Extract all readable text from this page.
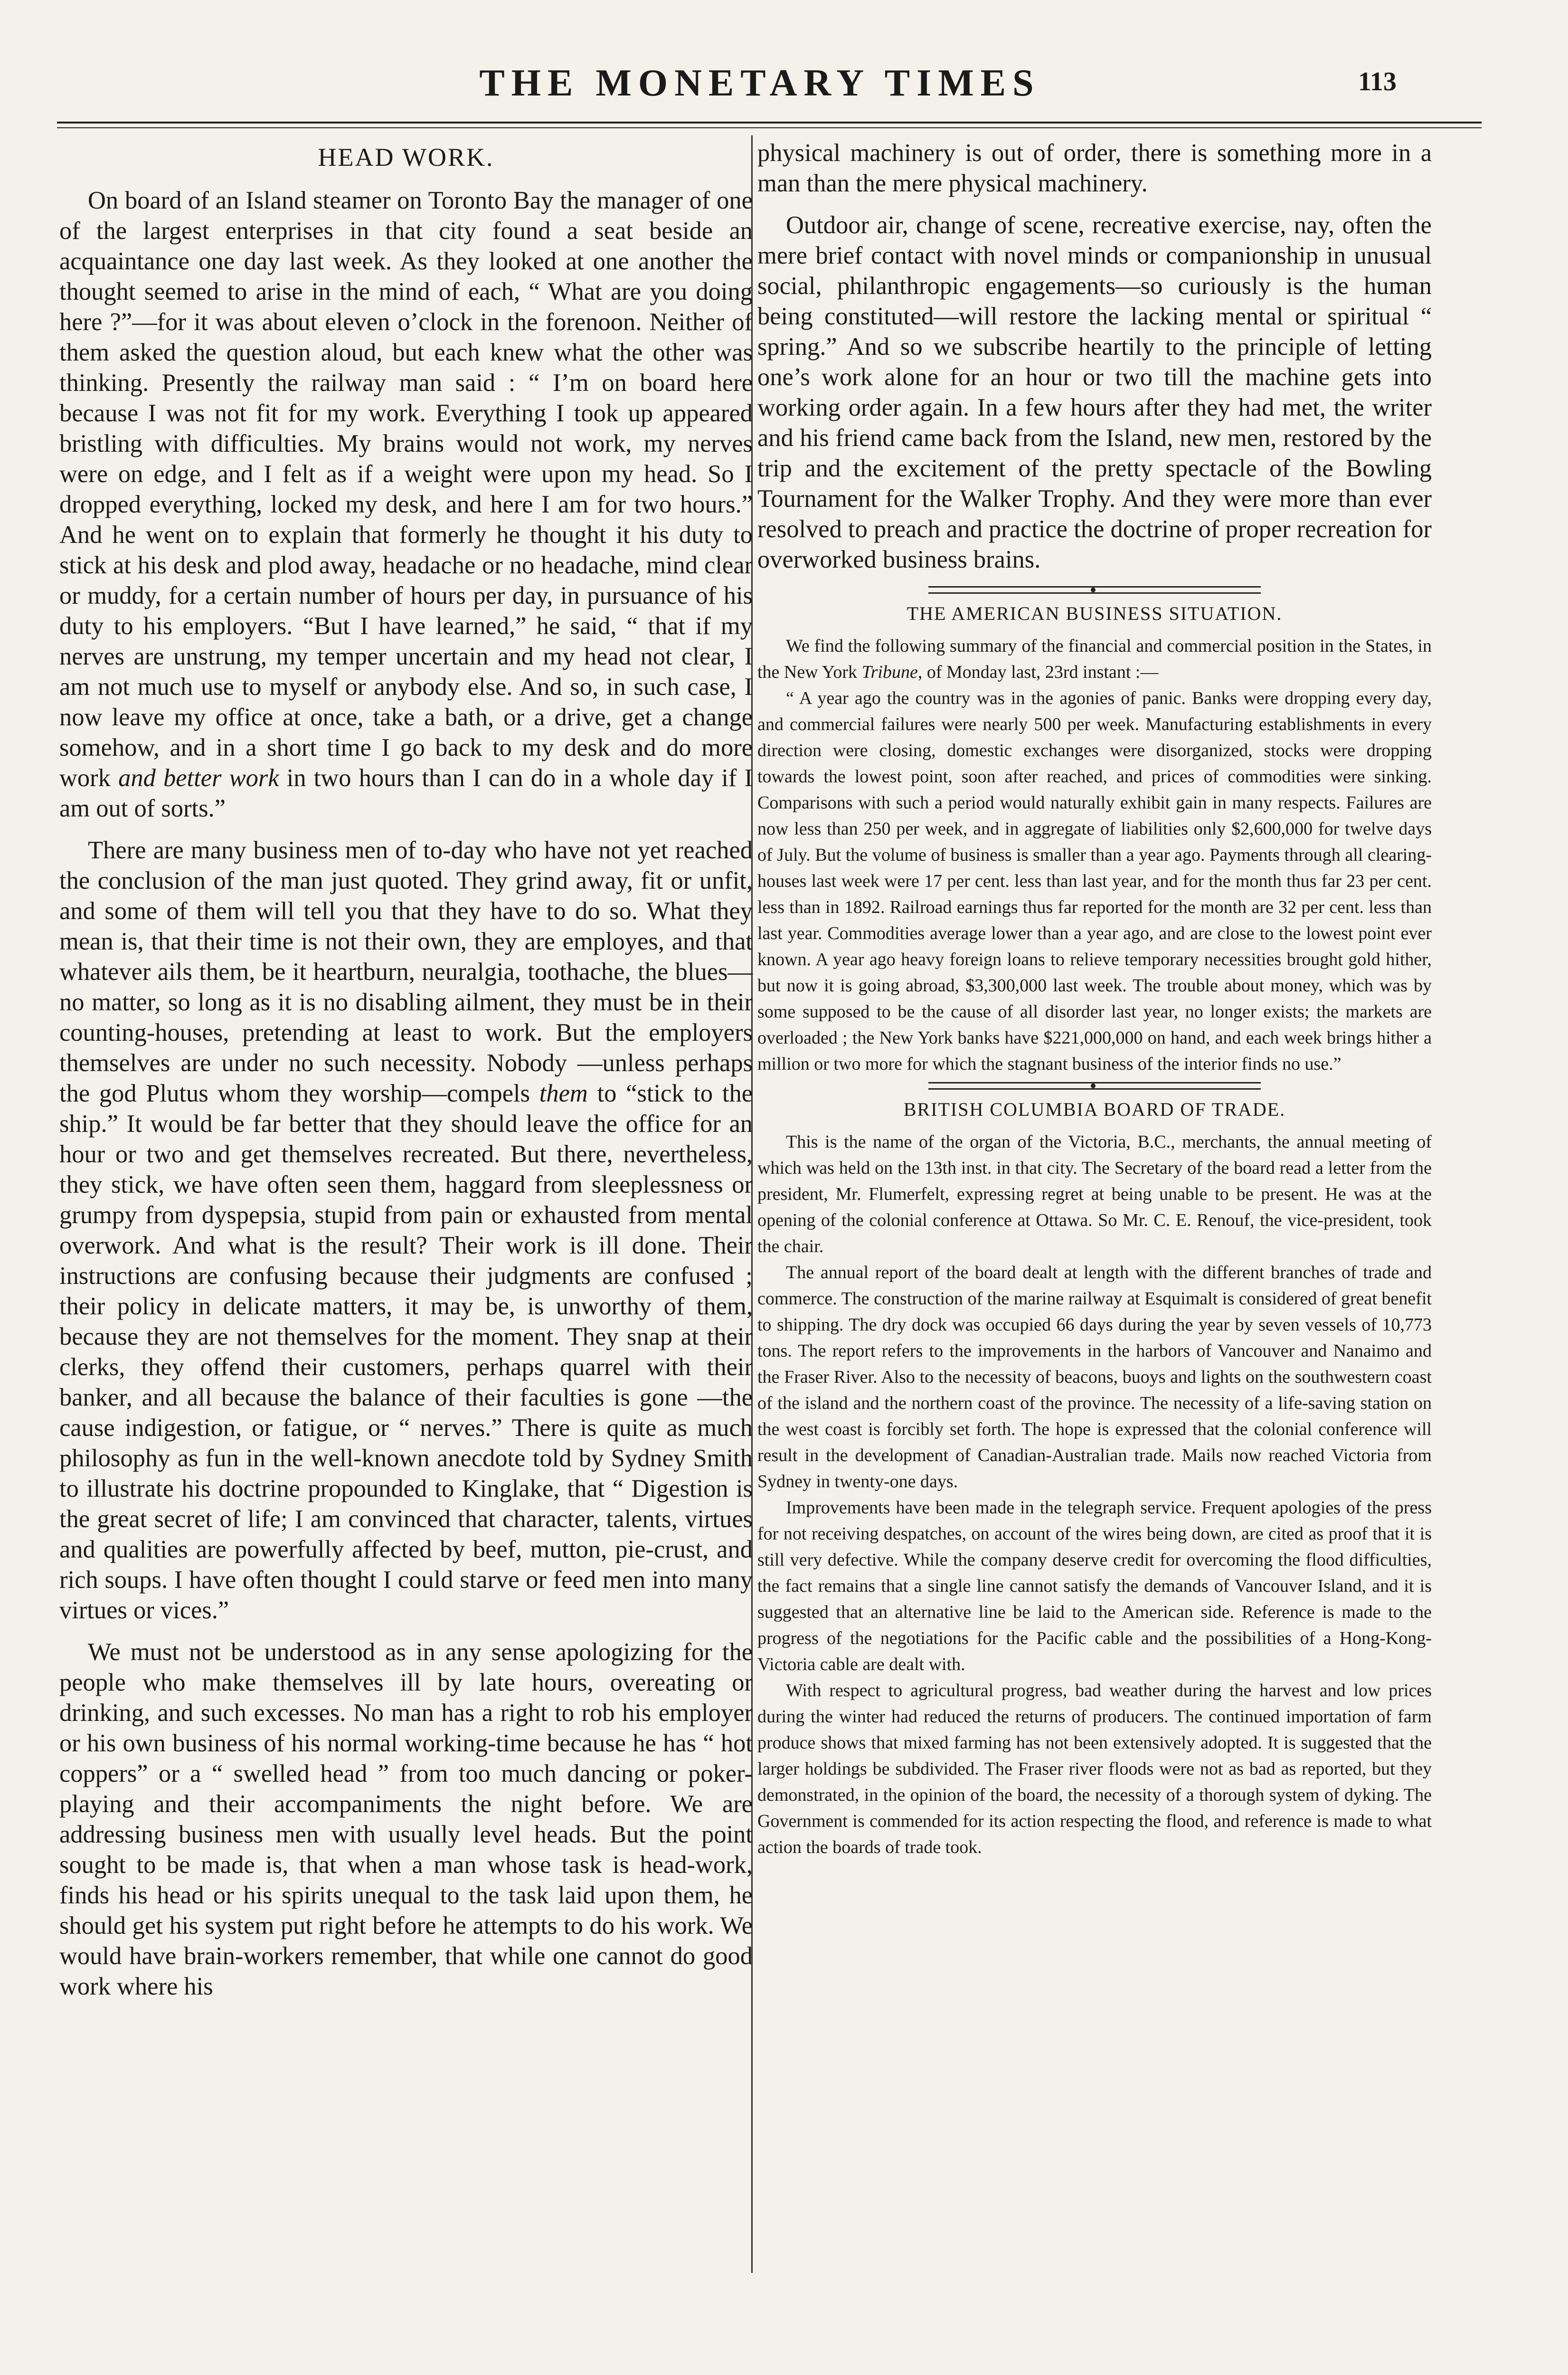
THE MONETARY TIMES	113
HEAD WORK.

On board of an Island steamer on Toronto Bay the manager of one of the largest enterprises in that city found a seat beside an acquaintance one day last week. As they looked at one another the thought seemed to arise in the mind of each, “ What are you doing here ?”—for it was about eleven o’clock in the forenoon. Neither of them asked the question aloud, but each knew what the other was thinking. Presently the railway man said : “ I’m on board here because I was not fit for my work. Everything I took up appeared bristling with difficulties. My brains would not work, my nerves were on edge, and I felt as if a weight were upon my head. So I dropped everything, locked my desk, and here I am for two hours.” And he went on to explain that formerly he thought it his duty to stick at his desk and plod away, headache or no headache, mind clear or muddy, for a certain number of hours per day, in pursuance of his duty to his employers. “But I have learned,” he said, “ that if my nerves are unstrung, my temper uncertain and my head not clear, I am not much use to myself or anybody else. And so, in such case, I now leave my office at once, take a bath, or a drive, get a change somehow, and in a short time I go back to my desk and do more work and better work in two hours than I can do in a whole day if I am out of sorts.”

There are many business men of to-day who have not yet reached the conclusion of the man just quoted. They grind away, fit or unfit, and some of them will tell you that they have to do so. What they mean is, that their time is not their own, they are employes, and that whatever ails them, be it heartburn, neuralgia, toothache, the blues—no matter, so long as it is no disabling ailment, they must be in their counting-houses, pretending at least to work. But the employers themselves are under no such necessity. Nobody —unless perhaps the god Plutus whom they worship—compels them to “stick to the ship.” It would be far better that they should leave the office for an hour or two and get themselves recreated. But there, nevertheless, they stick, we have often seen them, haggard from sleeplessness or grumpy from dyspepsia, stupid from pain or exhausted from mental overwork. And what is the result? Their work is ill done. Their instructions are confusing because their judgments are confused ; their policy in delicate matters, it may be, is unworthy of them, because they are not themselves for the moment. They snap at their clerks, they offend their customers, perhaps quarrel with their banker, and all because the balance of their faculties is gone —the cause indigestion, or fatigue, or “ nerves.” There is quite as much philosophy as fun in the well-known anecdote told by Sydney Smith to illustrate his doctrine propounded to Kinglake, that “ Digestion is the great secret of life; I am convinced that character, talents, virtues and qualities are powerfully affected by beef, mutton, pie-crust, and rich soups. I have often thought I could starve or feed men into many virtues or vices.”

We must not be understood as in any sense apologizing for the people who make themselves ill by late hours, overeating or drinking, and such excesses. No man has a right to rob his employer or his own business of his normal working-time because he has “ hot coppers” or a “ swelled head ” from too much dancing or poker-playing and their accompaniments the night before. We are addressing business men with usually level heads. But the point sought to be made is, that when a man whose task is head-work, finds his head or his spirits unequal to the task laid upon them, he should get his system put right before he attempts to do his work. We would have brain-workers remember, that while one cannot do good work where his

physical machinery is out of order, there is something more in a man than the mere physical machinery.

Outdoor air, change of scene, recreative exercise, nay, often the mere brief contact with novel minds or companionship in unusual social, philanthropic engagements—so curiously is the human being constituted—will restore the lacking mental or spiritual “ spring.” And so we subscribe heartily to the principle of letting one’s work alone for an hour or two till the machine gets into working order again. In a few hours after they had met, the writer and his friend came back from the Island, new men, restored by the trip and the excitement of the pretty spectacle of the Bowling Tournament for the Walker Trophy. And they were more than ever resolved to preach and practice the doctrine of proper recreation for overworked business brains.

THE AMERICAN BUSINESS SITUATION.

We find the following summary of the financial and commercial position in the States, in the New York Tribune, of Monday last, 23rd instant :—

“ A year ago the country was in the agonies of panic. Banks were dropping every day, and commercial failures were nearly 500 per week. Manufacturing establishments in every direction were closing, domestic exchanges were disorganized, stocks were dropping towards the lowest point, soon after reached, and prices of commodities were sinking. Comparisons with such a period would naturally exhibit gain in many respects. Failures are now less than 250 per week, and in aggregate of liabilities only $2,600,000 for twelve days of July. But the volume of business is smaller than a year ago. Payments through all clearing-houses last week were 17 per cent. less than last year, and for the month thus far 23 per cent. less than in 1892. Railroad earnings thus far reported for the month are 32 per cent. less than last year. Commodities average lower than a year ago, and are close to the lowest point ever known. A year ago heavy foreign loans to relieve temporary necessities brought gold hither, but now it is going abroad, $3,300,000 last week. The trouble about money, which was by some supposed to be the cause of all disorder last year, no longer exists; the markets are overloaded ; the New York banks have $221,000,000 on hand, and each week brings hither a million or two more for which the stagnant business of the interior finds no use.”

BRITISH COLUMBIA BOARD OF TRADE.

This is the name of the organ of the Victoria, B.C., merchants, the annual meeting of which was held on the 13th inst. in that city. The Secretary of the board read a letter from the president, Mr. Flumerfelt, expressing regret at being unable to be present. He was at the opening of the colonial conference at Ottawa. So Mr. C. E. Renouf, the vice-president, took the chair.

The annual report of the board dealt at length with the different branches of trade and commerce. The construction of the marine railway at Esquimalt is considered of great benefit to shipping. The dry dock was occupied 66 days during the year by seven vessels of 10,773 tons. The report refers to the improvements in the harbors of Vancouver and Nanaimo and the Fraser River. Also to the necessity of beacons, buoys and lights on the southwestern coast of the island and the northern coast of the province. The necessity of a life-saving station on the west coast is forcibly set forth. The hope is expressed that the colonial conference will result in the development of Canadian-Australian trade. Mails now reached Victoria from Sydney in twenty-one days.

Improvements have been made in the telegraph service. Frequent apologies of the press for not receiving despatches, on account of the wires being down, are cited as proof that it is still very defective. While the company deserve credit for overcoming the flood difficulties, the fact remains that a single line cannot satisfy the demands of Vancouver Island, and it is suggested that an alternative line be laid to the American side. Reference is made to the progress of the negotiations for the Pacific cable and the possibilities of a Hong-Kong-Victoria cable are dealt with.

With respect to agricultural progress, bad weather during the harvest and low prices during the winter had reduced the returns of producers. The continued importation of farm produce shows that mixed farming has not been extensively adopted. It is suggested that the larger holdings be subdivided. The Fraser river floods were not as bad as reported, but they demonstrated, in the opinion of the board, the necessity of a thorough system of dyking. The Government is commended for its action respecting the flood, and reference is made to what action the boards of trade took.
